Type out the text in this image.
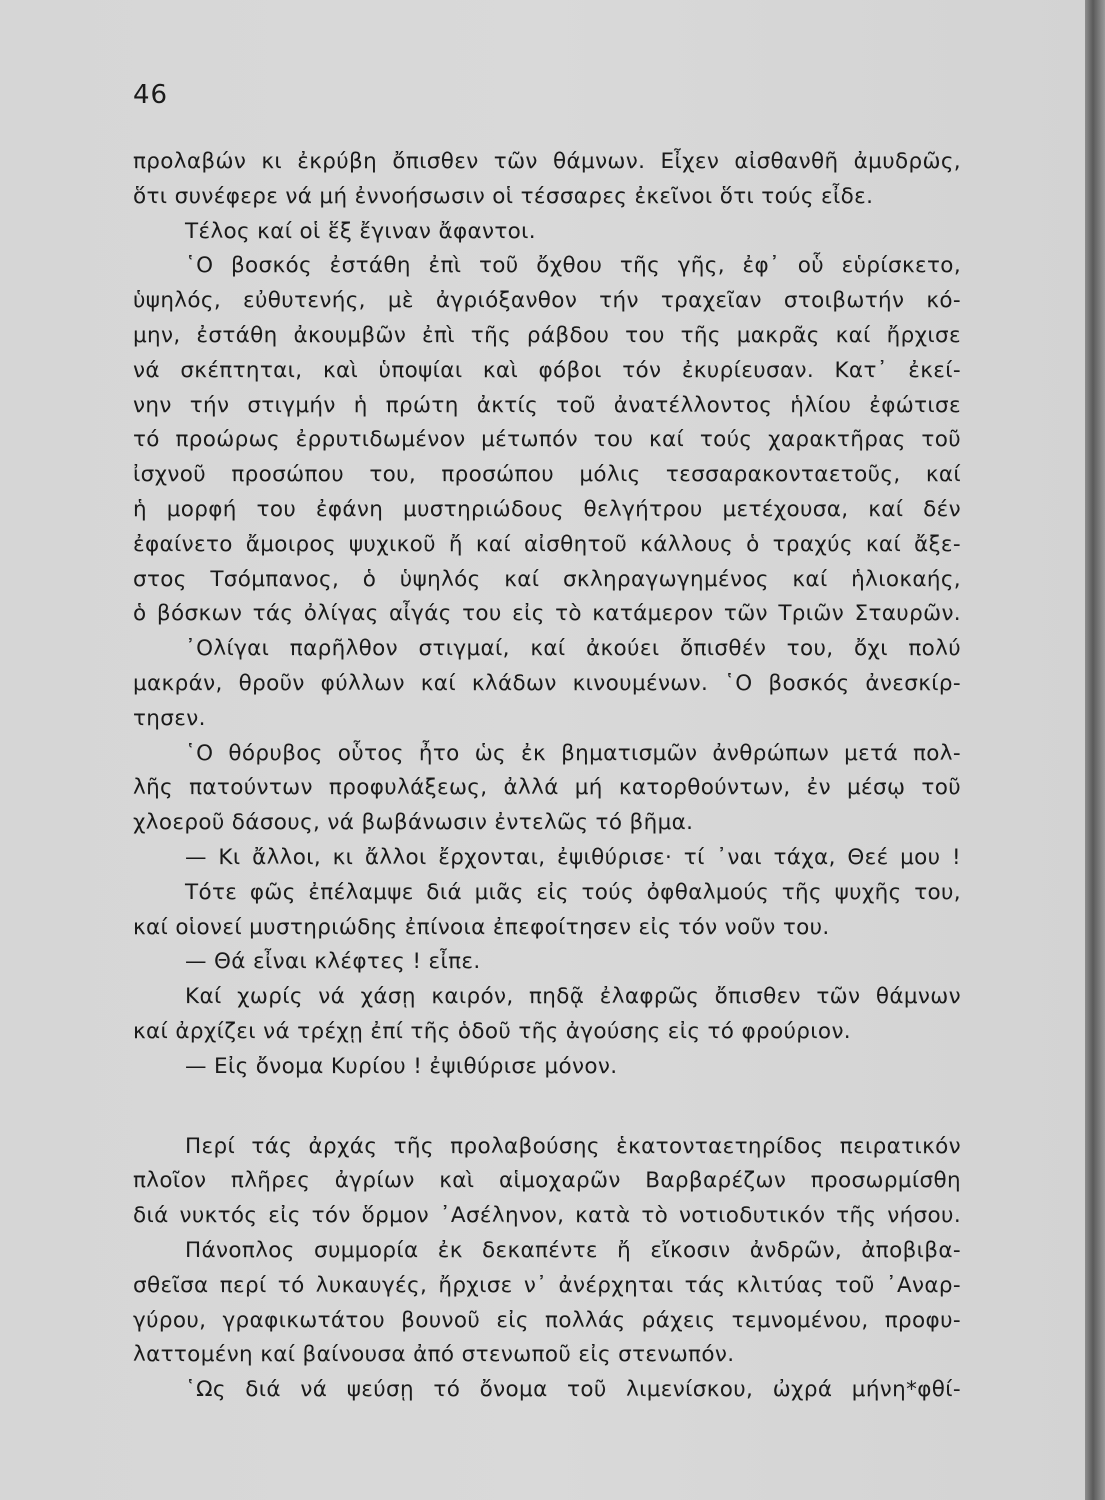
46
προλαβών κι ἐκρύβη ὄπισθεν τῶν θάμνων. Εἶχεν αἰσθανθῆ ἀμυδρῶς,
ὅτι συνέφερε νά μή ἐννοήσωσιν οἱ τέσσαρες ἐκεῖνοι ὅτι τούς εἶδε.
Τέλος καί οἱ ἕξ ἔγιναν ἄφαντοι.
῾Ο βοσκός ἐστάθη ἐπὶ τοῦ ὄχθου τῆς γῆς, ἐφ᾽ οὗ εὑρίσκετο,
ὑψηλός, εὐθυτενής, μὲ ἀγριόξανθον τήν τραχεῖαν στοιβωτήν κό-
μην, ἐστάθη ἀκουμβῶν ἐπὶ τῆς ράβδου του τῆς μακρᾶς καί ἤρχισε
νά σκέπτηται, καὶ ὑποψίαι καὶ φόβοι τόν ἐκυρίευσαν. Κατ᾽ ἐκεί-
νην τήν στιγμήν ἡ πρώτη ἀκτίς τοῦ ἀνατέλλοντος ἡλίου ἐφώτισε
τό προώρως ἐρρυτιδωμένον μέτωπόν του καί τούς χαρακτῆρας τοῦ
ἰσχνοῦ προσώπου του, προσώπου μόλις τεσσαρακονταετοῦς, καί
ἡ μορφή του ἐφάνη μυστηριώδους θελγήτρου μετέχουσα, καί δέν
ἐφαίνετο ἄμοιρος ψυχικοῦ ἤ καί αἰσθητοῦ κάλλους ὁ τραχύς καί ἄξε-
στος Τσόμπανος, ὁ ὑψηλός καί σκληραγωγημένος καί ἡλιοκαής,
ὁ βόσκων τάς ὀλίγας αἶγάς του εἰς τὸ κατάμερον τῶν Τριῶν Σταυρῶν.
᾽Ολίγαι παρῆλθον στιγμαί, καί ἀκούει ὄπισθέν του, ὄχι πολύ
μακράν, θροῦν φύλλων καί κλάδων κινουμένων. ῾Ο βοσκός ἀνεσκίρ-
τησεν.
῾Ο θόρυβος οὗτος ἦτο ὡς ἐκ βηματισμῶν ἀνθρώπων μετά πολ-
λῆς πατούντων προφυλάξεως, ἀλλά μή κατορθούντων, ἐν μέσῳ τοῦ
χλοεροῦ δάσους, νά βωβάνωσιν ἐντελῶς τό βῆμα.
— Κι ἄλλοι, κι ἄλλοι ἔρχονται, ἐψιθύρισε· τί ᾽ναι τάχα, Θεέ μου !
Τότε φῶς ἐπέλαμψε διά μιᾶς εἰς τούς ὀφθαλμούς τῆς ψυχῆς του,
καί οἱονεί μυστηριώδης ἐπίνοια ἐπεφοίτησεν εἰς τόν νοῦν του.
— Θά εἶναι κλέφτες ! εἶπε.
Καί χωρίς νά χάσῃ καιρόν, πηδᾷ ἐλαφρῶς ὄπισθεν τῶν θάμνων
καί ἀρχίζει νά τρέχῃ ἐπί τῆς ὁδοῦ τῆς ἀγούσης εἰς τό φρούριον.
— Εἰς ὄνομα Κυρίου ! ἐψιθύρισε μόνον.
Περί τάς ἀρχάς τῆς προλαβούσης ἑκατονταετηρίδος πειρατικόν
πλοῖον πλῆρες ἀγρίων καὶ αἱμοχαρῶν Βαρβαρέζων προσωρμίσθη
διά νυκτός εἰς τόν ὅρμον ᾽Ασέληνον, κατὰ τὸ νοτιοδυτικόν τῆς νήσου.
Πάνοπλος συμμορία ἐκ δεκαπέντε ἤ εἴκοσιν ἀνδρῶν, ἀποβιβα-
σθεῖσα περί τό λυκαυγές, ἤρχισε ν᾽ ἀνέρχηται τάς κλιτύας τοῦ ᾽Αναρ-
γύρου, γραφικωτάτου βουνοῦ εἰς πολλάς ράχεις τεμνομένου, προφυ-
λαττομένη καί βαίνουσα ἀπό στενωποῦ εἰς στενωπόν.
῾Ως διά νά ψεύσῃ τό ὄνομα τοῦ λιμενίσκου, ὠχρά μήνη*φθί-
